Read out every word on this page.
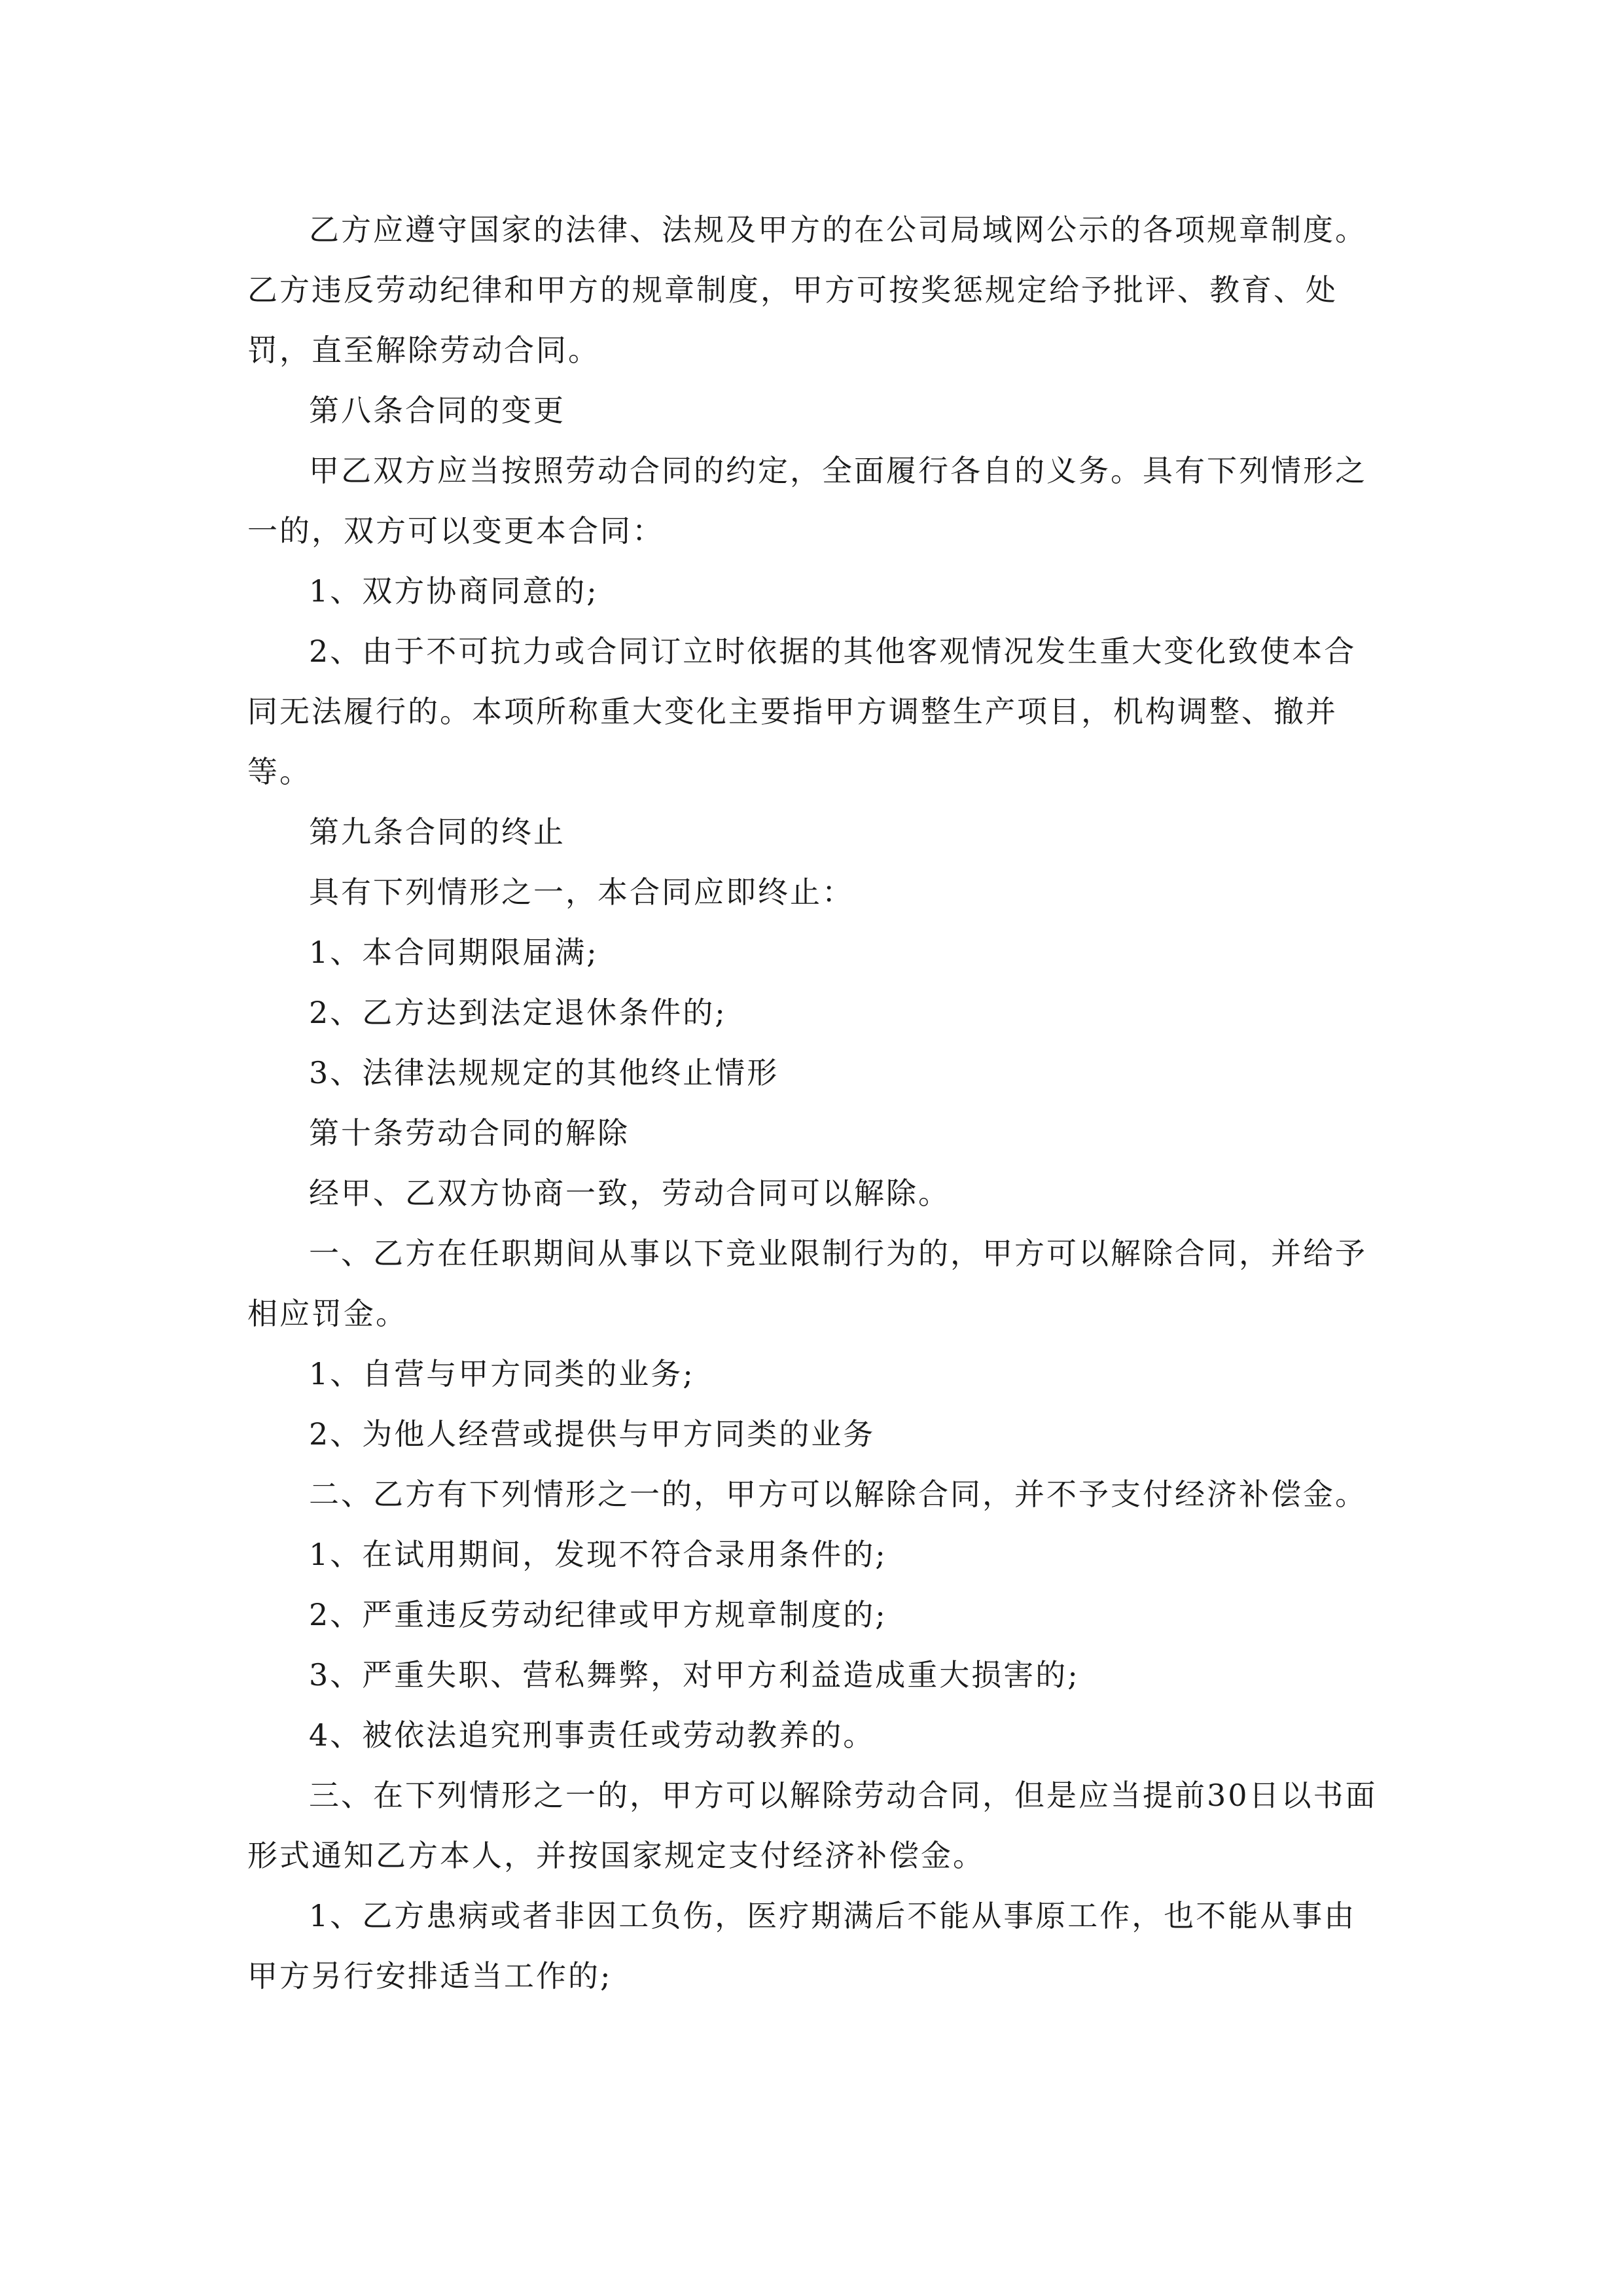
乙方应遵守国家的法律、法规及甲方的在公司局域网公示的各项规章制度。乙方违反劳动纪律和甲方的规章制度，甲方可按奖惩规定给予批评、教育、处罚，直至解除劳动合同。

第八条合同的变更

甲乙双方应当按照劳动合同的约定，全面履行各自的义务。具有下列情形之一的，双方可以变更本合同：

1、双方协商同意的;

2、由于不可抗力或合同订立时依据的其他客观情况发生重大变化致使本合同无法履行的。本项所称重大变化主要指甲方调整生产项目，机构调整、撤并等。

第九条合同的终止

具有下列情形之一，本合同应即终止：

1、本合同期限届满;

2、乙方达到法定退休条件的;

3、法律法规规定的其他终止情形

第十条劳动合同的解除

经甲、乙双方协商一致，劳动合同可以解除。

一、乙方在任职期间从事以下竞业限制行为的，甲方可以解除合同，并给予相应罚金。

1、自营与甲方同类的业务;

2、为他人经营或提供与甲方同类的业务

二、乙方有下列情形之一的，甲方可以解除合同，并不予支付经济补偿金。

1、在试用期间，发现不符合录用条件的;

2、严重违反劳动纪律或甲方规章制度的;

3、严重失职、营私舞弊，对甲方利益造成重大损害的;

4、被依法追究刑事责任或劳动教养的。

三、在下列情形之一的，甲方可以解除劳动合同，但是应当提前30日以书面形式通知乙方本人，并按国家规定支付经济补偿金。

1、乙方患病或者非因工负伤，医疗期满后不能从事原工作，也不能从事由甲方另行安排适当工作的;
